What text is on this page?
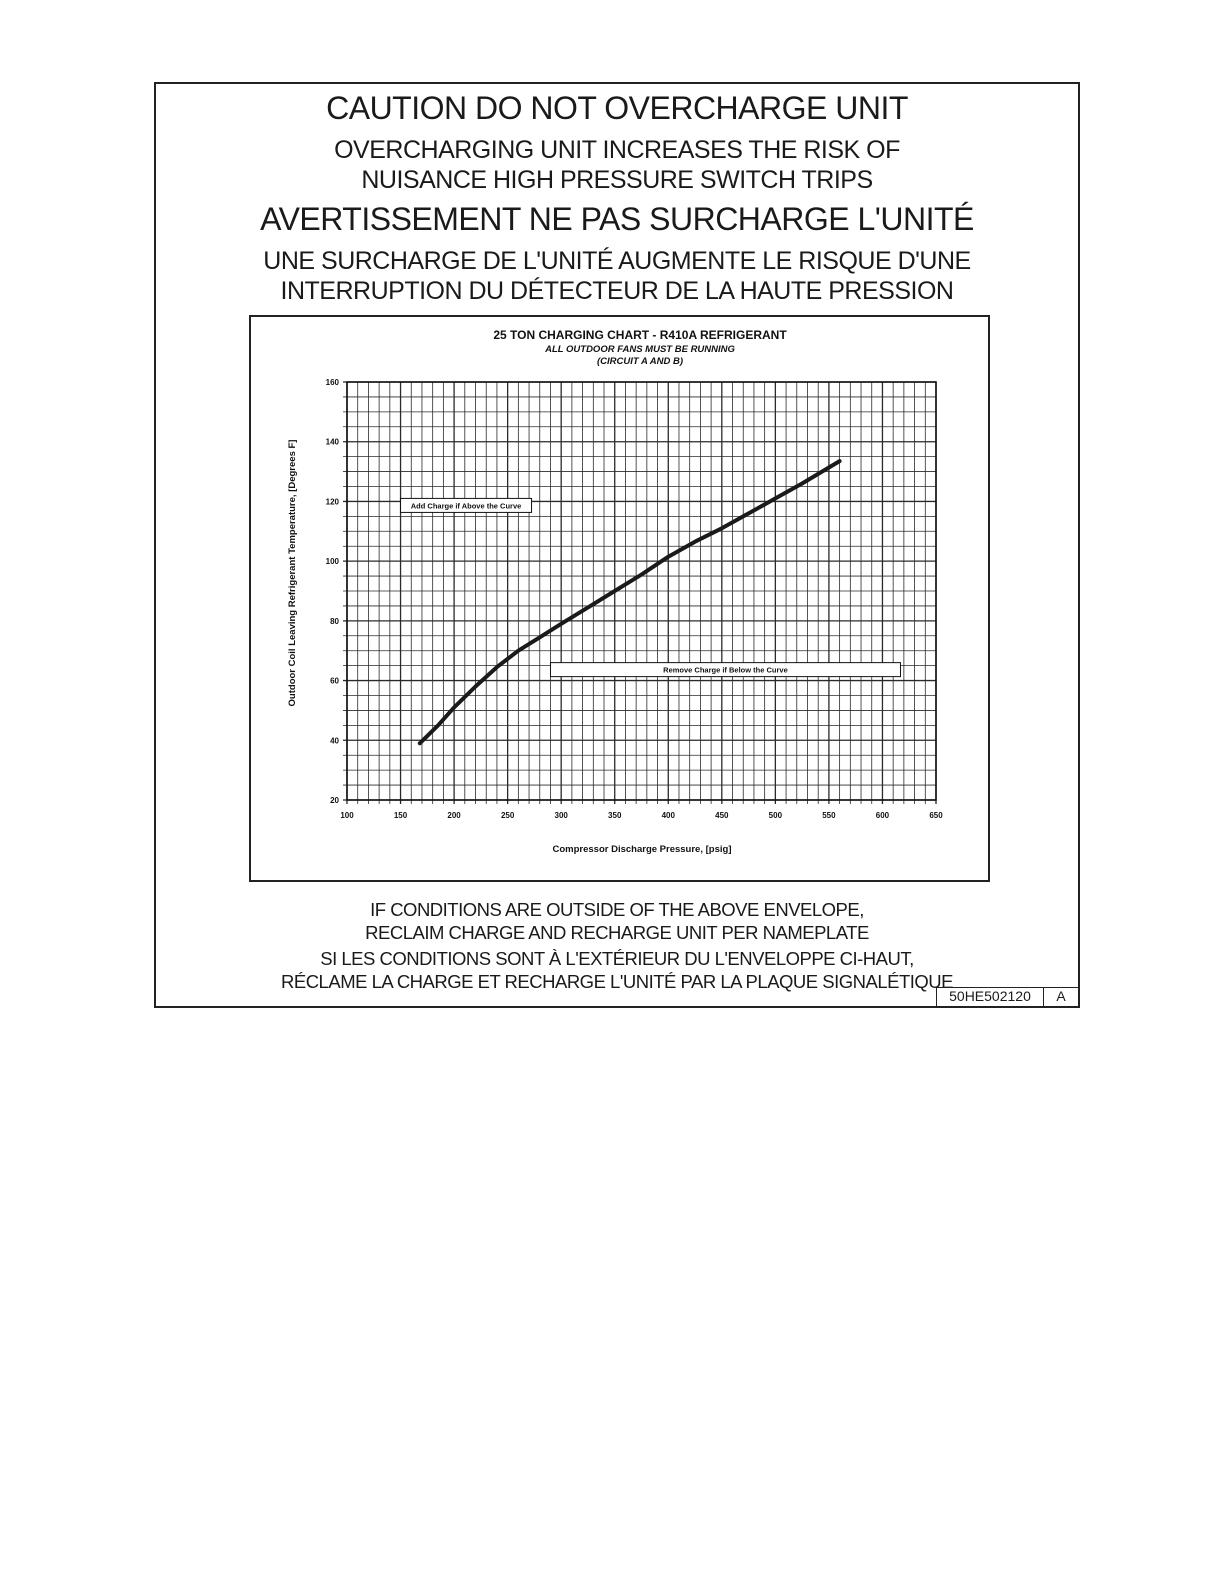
CAUTION DO NOT OVERCHARGE UNIT
OVERCHARGING UNIT INCREASES THE RISK OF
NUISANCE HIGH PRESSURE SWITCH TRIPS
AVERTISSEMENT NE PAS SURCHARGE L'UNITÉ
UNE SURCHARGE DE L'UNITÉ AUGMENTE LE RISQUE D'UNE
INTERRUPTION DU DÉTECTEUR DE LA HAUTE PRESSION
25 TON CHARGING CHART - R410A REFRIGERANT
ALL OUTDOOR FANS MUST BE RUNNING
(CIRCUIT A AND B)
100	150	200	250	300	350	400	450	500	550	600	650
20
40
60
80
100
120
140
160
Add Charge if Above the Curve
Remove Charge if Below the Curve
Compressor Discharge Pressure, [psig]
Outdoor Coil Leaving Refrigerant Temperature, [Degrees F]
IF CONDITIONS ARE OUTSIDE OF THE ABOVE ENVELOPE,
RECLAIM CHARGE AND RECHARGE UNIT PER NAMEPLATE
SI LES CONDITIONS SONT À L'EXTÉRIEUR DU L'ENVELOPPE CI-HAUT,
RÉCLAME LA CHARGE ET RECHARGE L'UNITÉ PAR LA PLAQUE SIGNALÉTIQUE
50HE502120	A
